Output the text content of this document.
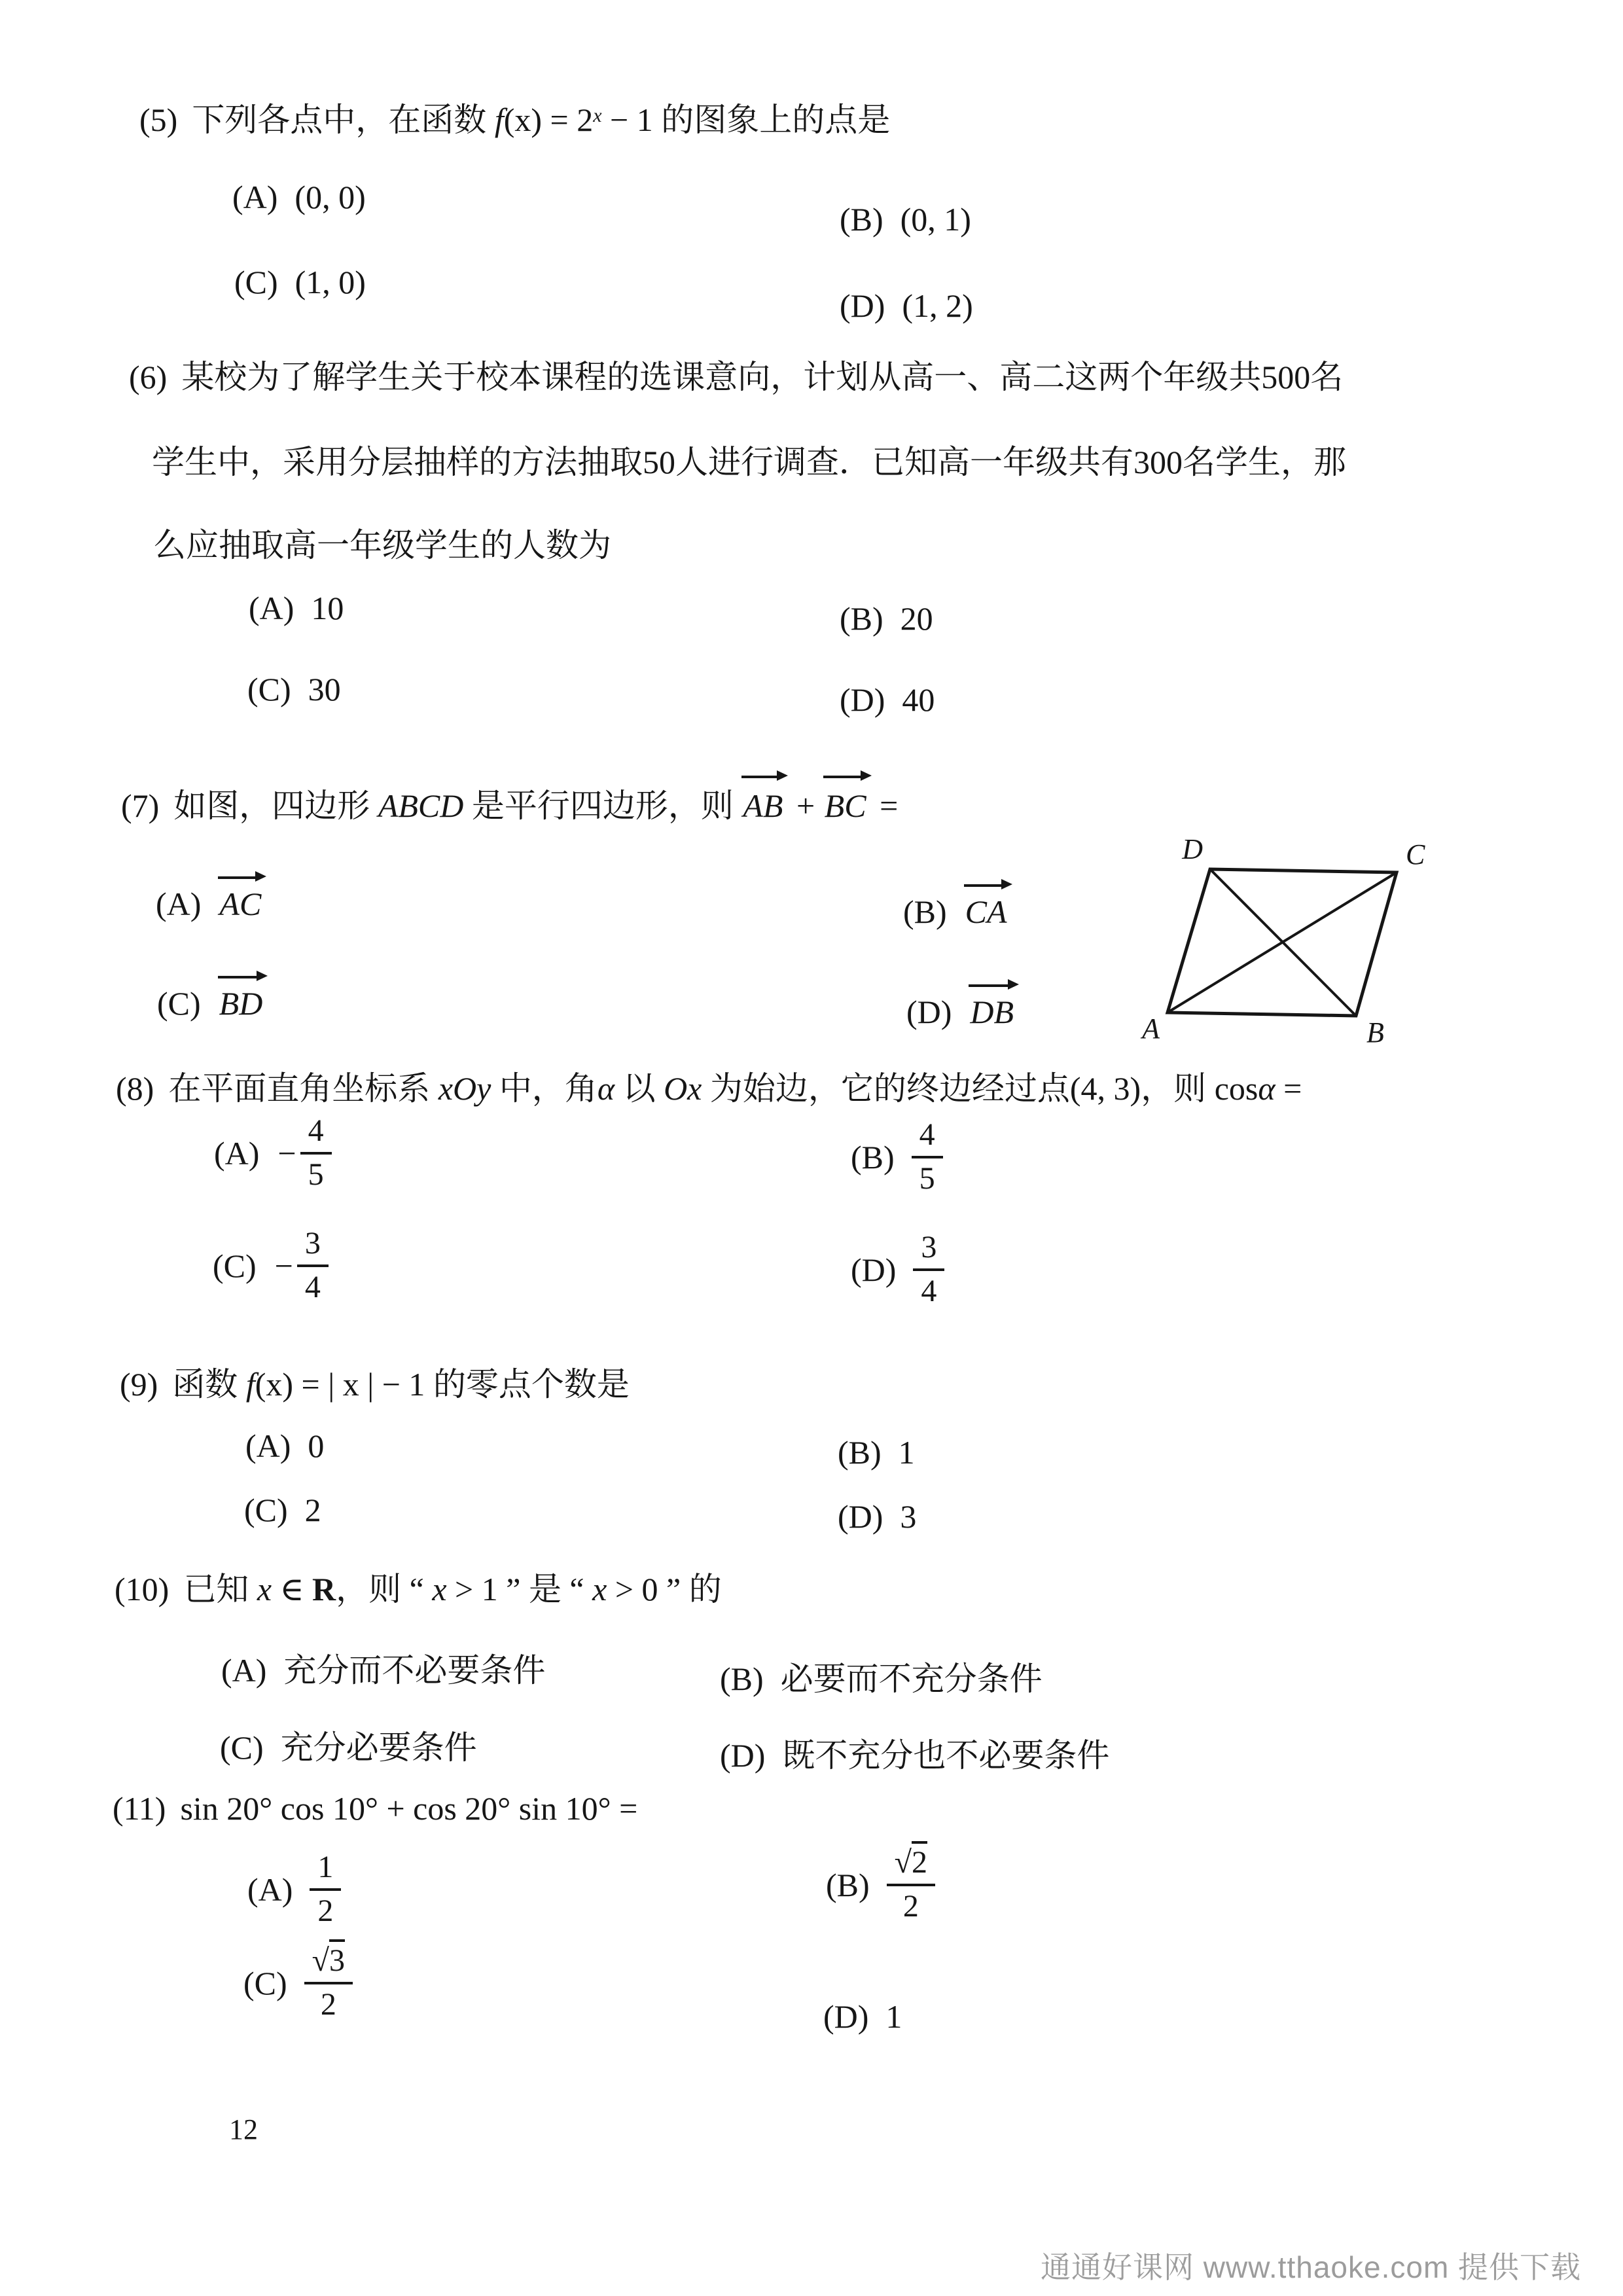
(5) 下列各点中，在函数 $f(x) = 2^x - 1$ 的图象上的点是
(A) (0, 0)
(B) (0, 1)
(C) (1, 0)
(D) (1, 2)
(6) 某校为了解学生关于校本课程的选课意向，计划从高一、高二这两个年级共500名
学生中，采用分层抽样的方法抽取50人进行调查．已知高一年级共有300名学生，那
么应抽取高一年级学生的人数为
(A) 10	(B) 20
(C) 30	(D) 40
(7) 如图，四边形 ABCD 是平行四边形，则 AB + BC =
(A) AC	(B) CA
(C) BD	(D) DB	A	B
C
D
(8) 在平面直角坐标系 xOy 中，角α 以 Ox 为始边，它的终边经过点(4, 3)，则 cosα =
$(A) - \frac{4}{5}$	$(B) \frac{4}{5}$
$(C) - \frac{3}{4}$	$(D) \frac{3}{4}$
(9) 函数 f(x) = | x | − 1 的零点个数是
(A) 0	(B) 1
(C) 2	(D) 3
(10) 已知 x ∈ R，则 “ x > 1 ” 是 “ x > 0 ” 的
(A) 充分而不必要条件	(B) 必要而不充分条件
(C) 充分必要条件	(D) 既不充分也不必要条件
(11) sin 20° cos 10° + cos 20° sin 10° =
$(A) \frac{1}{2}$	$(B) \frac{√2}{2}$
$(C) \frac{√3}{2}$	(D) 1
12
通通好课网 www.tthaoke.com 提供下载
